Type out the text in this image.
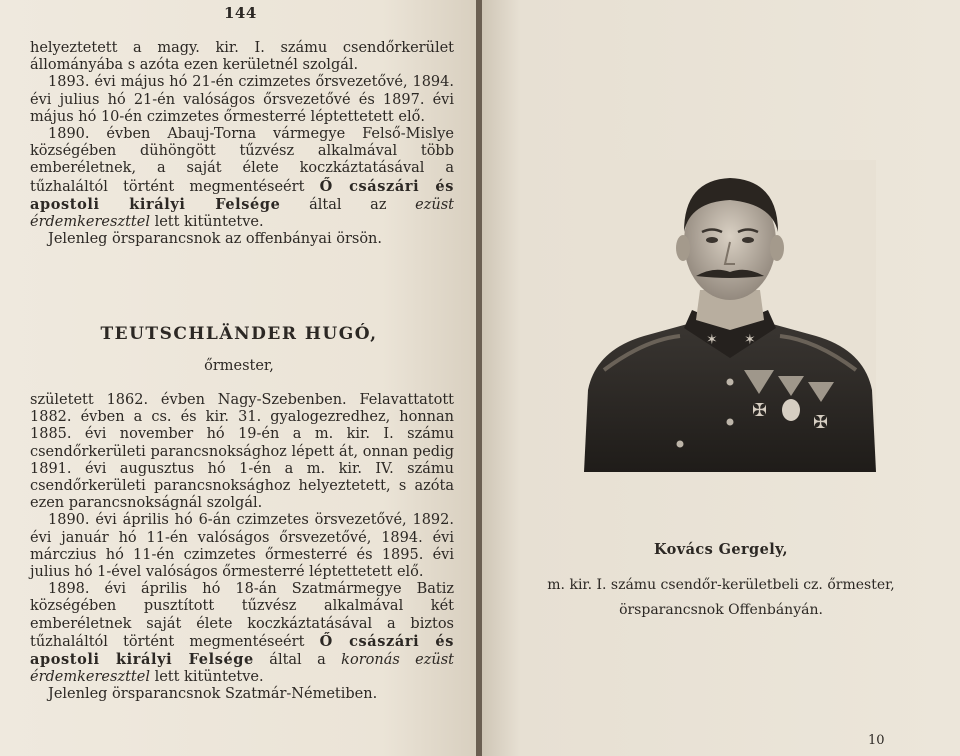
144

helyeztetett a magy. kir. I. számu csendőrkerület állományába s azóta ezen kerületnél szolgál.

1893. évi május hó 21-én czimzetes őrsvezetővé, 1894. évi julius hó 21-én valóságos őrsvezetővé és 1897. évi május hó 10-én czimzetes őrmesterré léptettetett elő.

1890. évben Abauj-Torna vármegye Felső-Mislye községében dühöngött tűzvész alkalmával több emberéletnek, a saját élete koczkáztatásával a tűzhaláltól történt megmentéseért Ő császári és apostoli királyi Felsége által az ezüst érdemkereszttel lett kitüntetve.

Jelenleg örsparancsnok az offenbányai örsön.

TEUTSCHLÄNDER HUGÓ,
őrmester,

született 1862. évben Nagy-Szebenben. Felavattatott 1882. évben a cs. és kir. 31. gyalogezredhez, honnan 1885. évi november hó 19-én a m. kir. I. számu csendőrkerületi parancsnoksághoz lépett át, onnan pedig 1891. évi augusztus hó 1-én a m. kir. IV. számu csendőrkerületi parancsnoksághoz helyeztetett, s azóta ezen parancsnokságnál szolgál.

1890. évi április hó 6-án czimzetes örsvezetővé, 1892. évi január hó 11-én valóságos őrsvezetővé, 1894. évi márczius hó 11-én czimzetes őrmesterré és 1895. évi julius hó 1-ével valóságos őrmesterré léptettetett elő.

1898. évi április hó 18-án Szatmármegye Batiz községében pusztított tűzvész alkalmával két emberéletnek saját élete koczkáztatásával a biztos tűzhaláltól történt megmentéseért Ő császári és apostoli királyi Felsége által a koronás ezüst érdemkereszttel lett kitüntetve.

Jelenleg örsparancsnok Szatmár-Németiben.

✶ ✶
✠
✠
Kovács Gergely,
m. kir. I. számu csendőr-kerületbeli cz. őrmester,
örsparancsnok Offenbányán.
10
